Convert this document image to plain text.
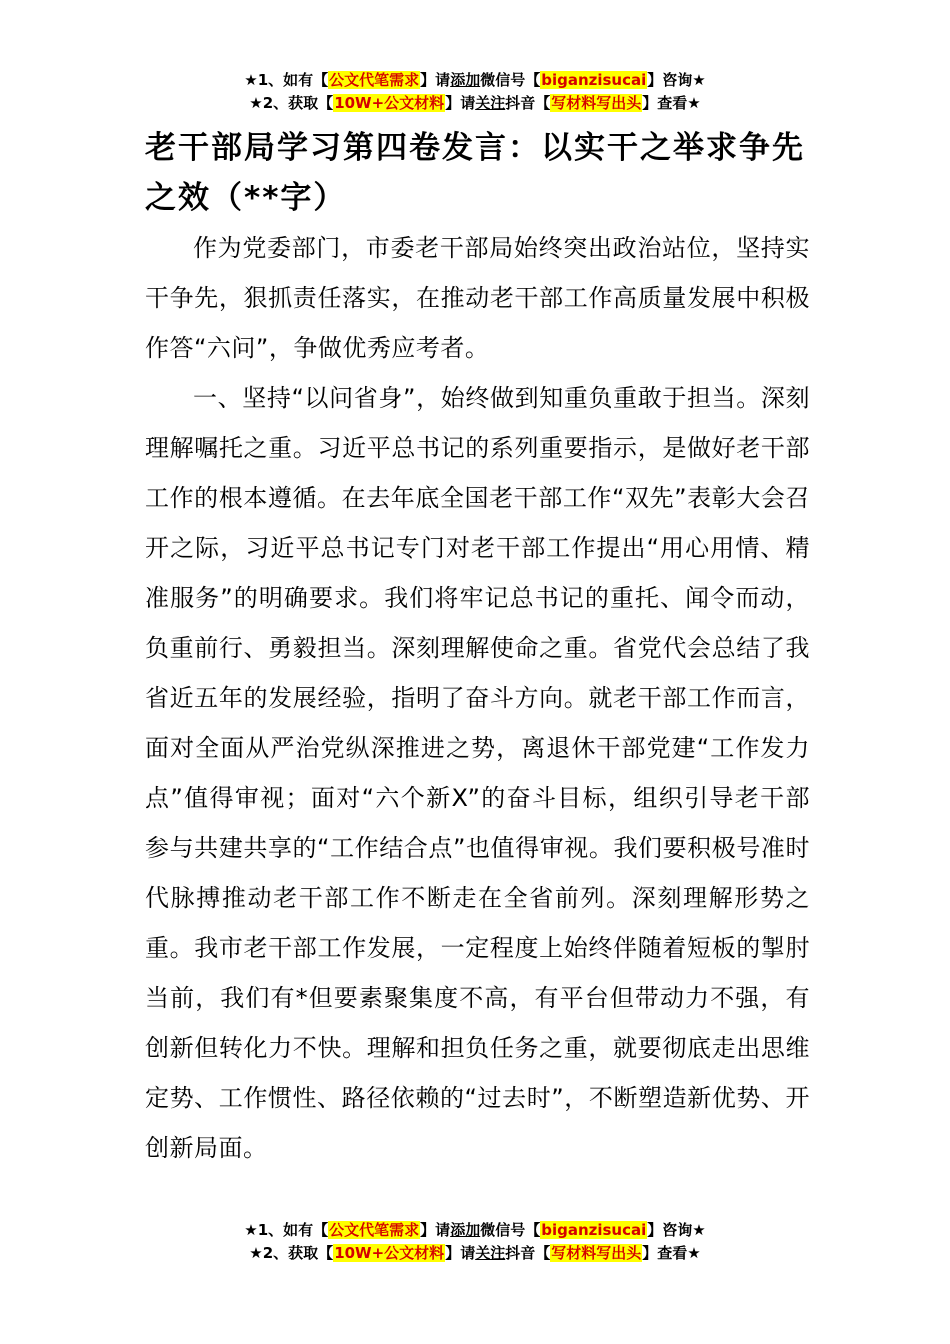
★1、如有【公文代笔需求】请添加微信号【biganzisucai】咨询★
★2、获取【10W+公文材料】请关注抖音【写材料写出头】查看★
老干部局学习第四卷发言：以实干之举求争先之效（**字）

作为党委部门，市委老干部局始终突出政治站位，坚持实干争先，狠抓责任落实，在推动老干部工作高质量发展中积极作答“六问”，争做优秀应考者。

一、坚持“以问省身”，始终做到知重负重敢于担当。深刻理解嘱托之重。习近平总书记的系列重要指示，是做好老干部工作的根本遵循。在去年底全国老干部工作“双先”表彰大会召开之际，习近平总书记专门对老干部工作提出“用心用情、精准服务”的明确要求。我们将牢记总书记的重托、闻令而动，负重前行、勇毅担当。深刻理解使命之重。省党代会总结了我省近五年的发展经验，指明了奋斗方向。就老干部工作而言，面对全面从严治党纵深推进之势，离退休干部党建“工作发力点”值得审视；面对“六个新X”的奋斗目标，组织引导老干部参与共建共享的“工作结合点”也值得审视。我们要积极号准时代脉搏推动老干部工作不断走在全省前列。深刻理解形势之重。我市老干部工作发展，一定程度上始终伴随着短板的掣肘当前，我们有*但要素聚集度不高，有平台但带动力不强，有创新但转化力不快。理解和担负任务之重，就要彻底走出思维定势、工作惯性、路径依赖的“过去时”，不断塑造新优势、开创新局面。

★1、如有【公文代笔需求】请添加微信号【biganzisucai】咨询★
★2、获取【10W+公文材料】请关注抖音【写材料写出头】查看★
